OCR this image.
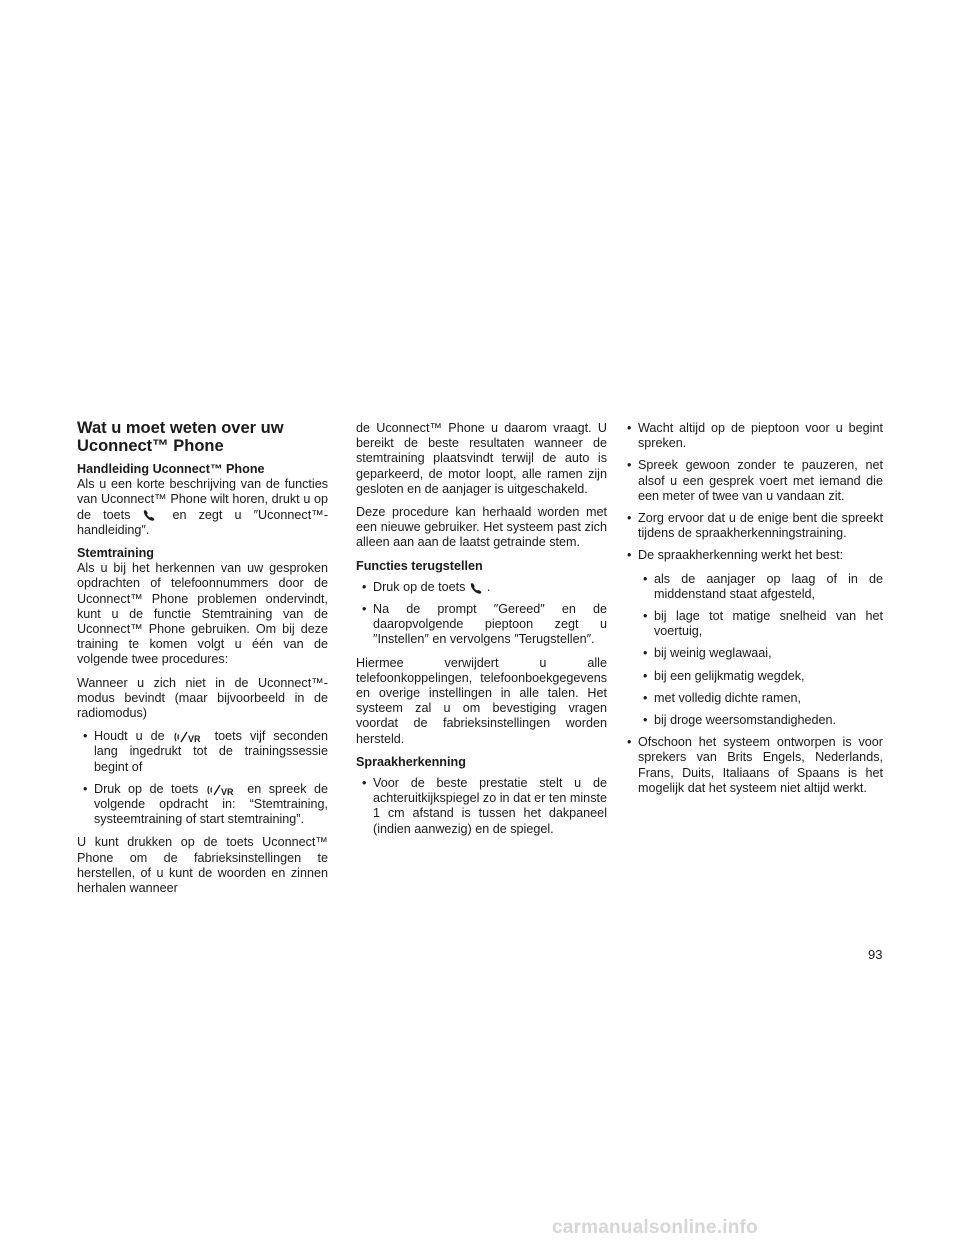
Wat u moet weten over uw
Uconnect™ Phone

Handleiding Uconnect™ Phone
Als u een korte beschrijving van de functies van Uconnect™ Phone wilt horen, drukt u op de toets	en zegt u ″Uconnect™-handleiding″.

Stemtraining
Als u bij het herkennen van uw gesproken opdrachten of telefoonnummers door de Uconnect™ Phone problemen ondervindt, kunt u de functie Stemtraining van de Uconnect™ Phone gebruiken. Om bij deze training te komen volgt u één van de volgende twee procedures:

Wanneer u zich niet in de Uconnect™-modus bevindt (maar bijvoorbeeld in de radiomodus)

• Houdt u de	VR toets vijf seconden lang ingedrukt tot de trainingssessie begint of
• Druk op de toets VR en spreek de volgende opdracht in: “Stemtraining, systeemtraining of start stemtraining”.

U kunt drukken op de toets Uconnect™ Phone om de fabrieksinstellingen te herstellen, of u kunt de woorden en zinnen herhalen wanneer

de Uconnect™ Phone u daarom vraagt. U bereikt de beste resultaten wanneer de stemtraining plaatsvindt terwijl de auto is geparkeerd, de motor loopt, alle ramen zijn gesloten en de aanjager is uitgeschakeld.

Deze procedure kan herhaald worden met een nieuwe gebruiker. Het systeem past zich alleen aan aan de laatst getrainde stem.

Functies terugstellen
• Druk op de toets .
• Na de prompt ″Gereed″ en de daaropvolgende pieptoon zegt u ″Instellen″ en vervolgens ″Terugstellen″.

Hiermee verwijdert u alle telefoonkoppelingen, telefoonboekgegevens en overige instellingen in alle talen. Het systeem zal u om bevestiging vragen voordat de fabrieksinstellingen worden hersteld.

Spraakherkenning
• Voor de beste prestatie stelt u de achteruitkijkspiegel zo in dat er ten minste 1 cm afstand is tussen het dakpaneel (indien aanwezig) en de spiegel.
• Wacht altijd op de pieptoon voor u begint spreken.
• Spreek gewoon zonder te pauzeren, net alsof u een gesprek voert met iemand die een meter of twee van u vandaan zit.
• Zorg ervoor dat u de enige bent die spreekt tijdens de spraakherkenningstraining.
• De spraakherkenning werkt het best:
• als de aanjager op laag of in de middenstand staat afgesteld,
• bij lage tot matige snelheid van het voertuig,
• bij weinig weglawaai,
• bij een gelijkmatig wegdek,
• met volledig dichte ramen,
• bij droge weersomstandigheden.
• Ofschoon het systeem ontworpen is voor sprekers van Brits Engels, Nederlands, Frans, Duits, Italiaans of Spaans is het mogelijk dat het systeem niet altijd werkt.
93
carmanualsonline.info
